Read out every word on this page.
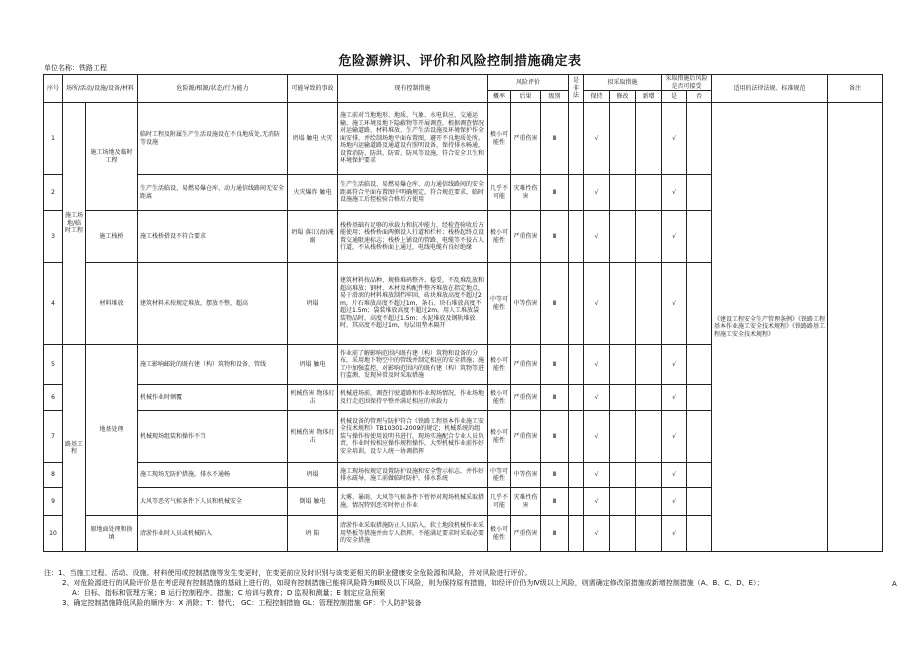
危险源辨识、评价和风险控制措施确定表
单位名称：铁路工程
序号	场所/活动/设施/设备/材料		危险源/根源/状态/行为能力	可能导致的事故	现有控制措施	风险评价			是非法	拟采取措施			采取措施后风险是否可接受		适用的法律法规、标准规范	备注
						概率	后果	级别		保持	修改	新增	是	否		
1	施工场地/临时工程	施工场地及临时工程	临时工程及附属生产生活设施设在不良地质处,无消防等设施	坍塌 触电 火灾	施工前对当地地形、地质、气象、水电供应、交通运输、施工环境及地下隐蔽物等开展调查，根据调查情况对运输道路、材料堆放、生产生活设施及环境保护作全面安排，并绘制场地平面布置图，避开不良地质处所。场地内运输道路及通道设有照明设备，保持排水畅通，设置消防、防洪、防雷、防风等设施，符合安全卫生和环境保护要求	极小可能性	严重伤害	Ⅲ		√			√		《建设工程安全生产管理条例》《铁路工程基本作业施工安全技术规程》《铁路路基工程施工安全技术规程》	
2			生产生活临设、易燃易爆仓库、动力通信线路间无安全距离	火灾爆炸 触电	生产生活临设、易燃易爆仓库、动力通信线路间的安全距离符合平面布置图中明确规定，符合规范要求，临时设施施工后控检验合格后方使用	几乎不可能	灾难性伤害	Ⅲ		√			√			
3		施工栈桥	施工栈桥搭设不符合要求	坍塌 落江(海)淹溺	栈桥基础有足够的承载力和抗冲能力，经检查验收后方能使用；栈桥桥面两侧设人行道和栏杆；栈桥起终点设置交通限速标志；栈桥上铺设的管路、电缆等不侵占人行道，不从栈桥桥面上通过，电线电缆有良好绝缘	极小可能性	严重伤害	Ⅲ		√			√			
4		材料堆放	建筑材料未按规定堆放，摆放不整，超高	坍塌	建筑材料按品种、规格堆码整齐、稳妥，不乱堆乱放和超高堆放；钢材、木材及构配件整齐堆放在指定地点，易于滑滚的材料堆放制挡牢固，砖块堆放高度不超过2m，片石堆放高度不超过1m，条石、块石堆放高度不超过1.5m；袋装堆放高度不超过2m，用人工堆放袋装物品时，高度不超过1.5m；水泥堆放及钢轨堆放时，其高度不超过1m，每层用垫木隔开	中等可能性	中等伤害	Ⅲ		√			√			
5	路基工程	地基处理	施工影响邮轮的既有建（构）筑物和设备、管线	坍塌 触电	作业前了解影响范围内既有建（构）筑物和设备的分布，采用地下物空中的管线并制定相应的安全措施；施工中加强监控，对影响范围内的既有建（构）筑物等进行监测，发现异常及时采取措施	极小可能性	严重伤害	Ⅲ		√			√			
6			机械作业时倾覆	机械伤害 物体打击	机械进场前，调查行驶道路和作业现场情况，作业场地及行走范围保持平整并满足相应的承载力	极小可能性	严重伤害	Ⅲ		√			√			
7			机械现场组装和操作不当	机械伤害 物体打击	机械设备的管理与防护符合《铁路工程基本作业施工安全技术规程》TB10301-2009的规定；机械系统的组装与操作按使用说明书进行，现场实施配合专业人员负责，作业时按相应操作规程操作，大型机械作业前作好安全培训，设专人统一协调指挥	极小可能性	严重伤害	Ⅲ		√			√			
8			施工现场无防护措施，排水不通畅	坍塌	施工现场按规定设置防护设施和安全警示标志，并作好排水疏导，施工前做临时防护、排水系统	中等可能性	中等伤害	Ⅲ		√			√			
9			大风等恶劣气候条件下人员和机械安全	倒塌 触电	大雾、暴雨、大风等气候条件下暂停对现场机械采取措施，情况特别恶劣时停止作业	几乎不可能	灾难性伤害	Ⅲ		√			√			
10		原地面处理和换填	清淤作业时人员或机械陷入	坍 陷	清淤作业采取措施防止人员陷入，软土地段机械作业采用垫板等措施并由专人指挥，不能满足要求时采取必要的安全措施	极小可能性	严重伤害	Ⅲ		√			√			
注：1、当施工过程、活动、设施、材料使用或控制措施等发生变更时，在变更前应及时识别与该变更相关的职业健康安全危险源和风险，并对风险进行评价。
2、对危险源进行的风险评价是在考虑现有控制措施的基础上进行的，如现有控制措施已能将风险降为Ⅲ级及以下风险，则为保持原有措施，如经评价仍为Ⅳ级以上风险，则需确定修改原措施或新增控制措施（A、B、C、D、E）；
A：目标、指标和管理方案；B 运行控制程序、措施；C 培训与教育；D 监视和测量；E 制定应急预案
3、确定控制措施降低风险的顺序为：X 消除；T：替代； GC：工程控制措施 GL：管理控制措施 GF：个人防护装备
A
